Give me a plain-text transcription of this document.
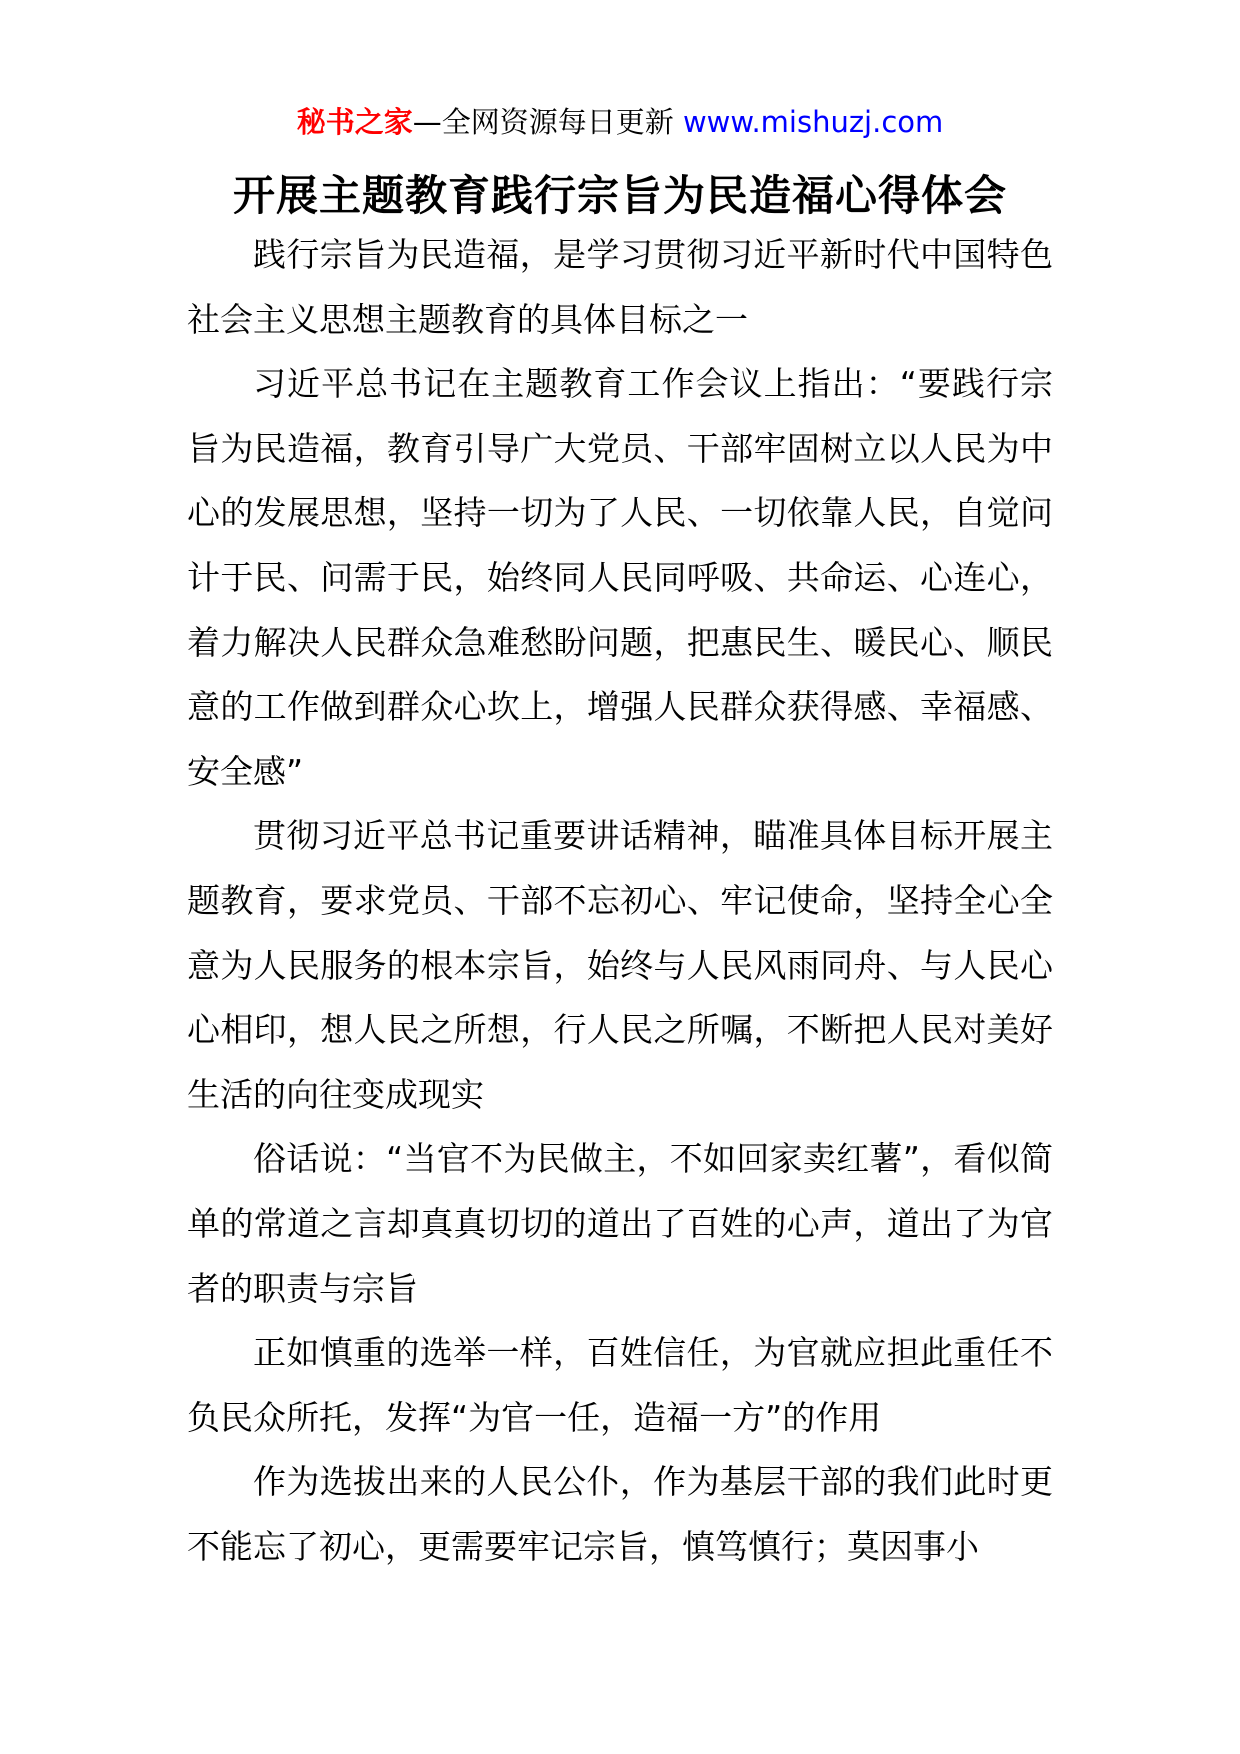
秘书之家—全网资源每日更新 www.mishuzj.com
开展主题教育践行宗旨为民造福心得体会

践行宗旨为民造福，是学习贯彻习近平新时代中国特色社会主义思想主题教育的具体目标之一

习近平总书记在主题教育工作会议上指出：“要践行宗旨为民造福，教育引导广大党员、干部牢固树立以人民为中心的发展思想，坚持一切为了人民、一切依靠人民，自觉问计于民、问需于民，始终同人民同呼吸、共命运、心连心，着力解决人民群众急难愁盼问题，把惠民生、暖民心、顺民意的工作做到群众心坎上，增强人民群众获得感、幸福感、安全感”

贯彻习近平总书记重要讲话精神，瞄准具体目标开展主题教育，要求党员、干部不忘初心、牢记使命，坚持全心全意为人民服务的根本宗旨，始终与人民风雨同舟、与人民心心相印，想人民之所想，行人民之所嘱，不断把人民对美好生活的向往变成现实

俗话说：“当官不为民做主，不如回家卖红薯”，看似简单的常道之言却真真切切的道出了百姓的心声，道出了为官者的职责与宗旨

正如慎重的选举一样，百姓信任，为官就应担此重任不负民众所托，发挥“为官一任，造福一方”的作用

作为选拔出来的人民公仆，作为基层干部的我们此时更不能忘了初心，更需要牢记宗旨，慎笃慎行；莫因事小
